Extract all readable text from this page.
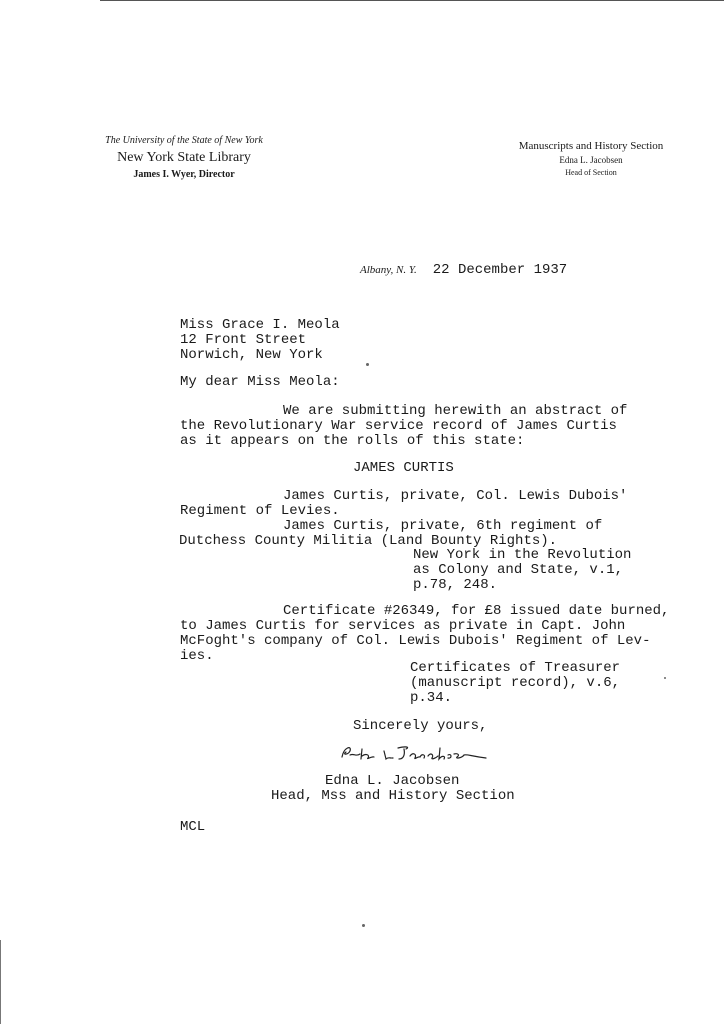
The University of the State of New York
New York State Library
James I. Wyer, Director
Manuscripts and History Section
Edna L. Jacobsen
Head of Section
Albany, N. Y. 22 December 1937
Miss Grace I. Meola
12 Front Street
Norwich, New York
My dear Miss Meola:
We are submitting herewith an abstract of
the Revolutionary War service record of James Curtis
as it appears on the rolls of this state:
JAMES CURTIS
James Curtis, private, Col. Lewis Dubois'
Regiment of Levies.
James Curtis, private, 6th regiment of
Dutchess County Militia (Land Bounty Rights).
New York in the Revolution
as Colony and State, v.1,
p.78, 248.
Certificate #26349, for £8 issued date burned,
to James Curtis for services as private in Capt. John
McFoght's company of Col. Lewis Dubois' Regiment of Lev-
ies.
Certificates of Treasurer
(manuscript record), v.6,
p.34.
Sincerely yours,
Edna L. Jacobsen
Head, Mss and History Section
MCL
